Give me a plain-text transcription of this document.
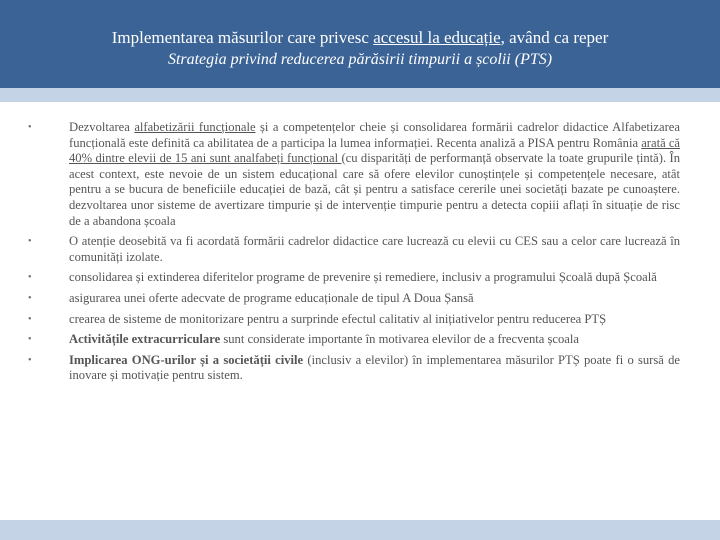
Implementarea măsurilor care privesc accesul la educație, având ca reper
Strategia privind reducerea părăsirii timpurii a școlii (PTS)
•	Dezvoltarea alfabetizării funcționale și a competențelor cheie și consolidarea formării cadrelor didactice Alfabetizarea funcțională este definită ca abilitatea de a participa la lumea informației. Recenta analiză a PISA pentru România arată că 40% dintre elevii de 15 ani sunt analfabeți funcțional (cu disparități de performanță observate la toate grupurile țintă). În acest context, este nevoie de un sistem educațional care să ofere elevilor cunoștințele și competențele necesare, atât pentru a se bucura de beneficiile educației de bază, cât și pentru a satisface cererile unei societăți bazate pe cunoaștere. dezvoltarea unor sisteme de avertizare timpurie și de intervenție timpurie pentru a detecta copiii aflați în situație de risc de a abandona școala
•	O atenție deosebită va fi acordată formării cadrelor didactice care lucrează cu elevii cu CES sau a celor care lucrează în comunități izolate.
•	consolidarea și extinderea diferitelor programe de prevenire și remediere, inclusiv a programului Școală după Școală
•	asigurarea unei oferte adecvate de programe educaționale de tipul A Doua Șansă
•	crearea de sisteme de monitorizare pentru a surprinde efectul calitativ al inițiativelor pentru reducerea PTȘ
•	Activitățile extracurriculare sunt considerate importante în motivarea elevilor de a frecventa școala
•	Implicarea ONG-urilor și a societății civile (inclusiv a elevilor) în implementarea măsurilor PTȘ poate fi o sursă de inovare și motivație pentru sistem.
